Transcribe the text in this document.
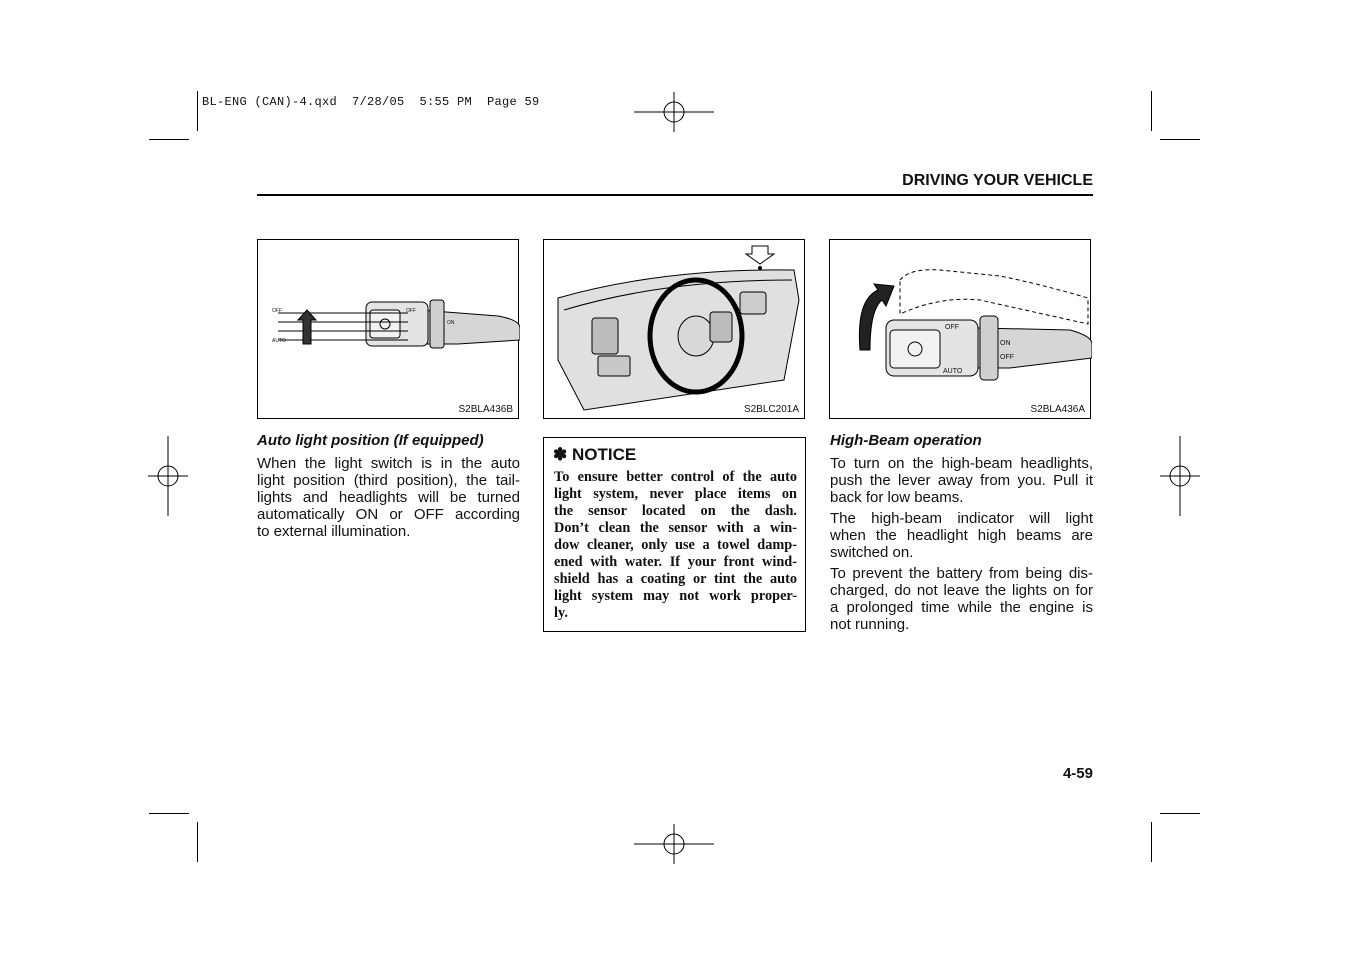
BL-ENG (CAN)-4.qxd  7/28/05  5:55 PM  Page 59
DRIVING YOUR VEHICLE
OFF	OFF
ON
AUTO
S2BLA436B	S2BLC201A
OFF
ON
OFF
AUTO
S2BLA436A
Auto light position (If equipped)
When the light switch is in the auto
light position (third position), the tail-
lights and headlights will be turned
automatically ON or OFF according
to external illumination.
✽ NOTICE
To ensure better control of the auto
light system, never place items on
the sensor located on the dash.
Don’t clean the sensor with a win-
dow cleaner, only use a towel damp-
ened with water. If your front wind-
shield has a coating or tint the auto
light system may not work proper-
ly.
High-Beam operation
To turn on the high-beam headlights,
push the lever away from you. Pull it
back for low beams.
The high-beam indicator will light
when the headlight high beams are
switched on.
To prevent the battery from being dis-
charged, do not leave the lights on for
a prolonged time while the engine is
not running.
4-59
